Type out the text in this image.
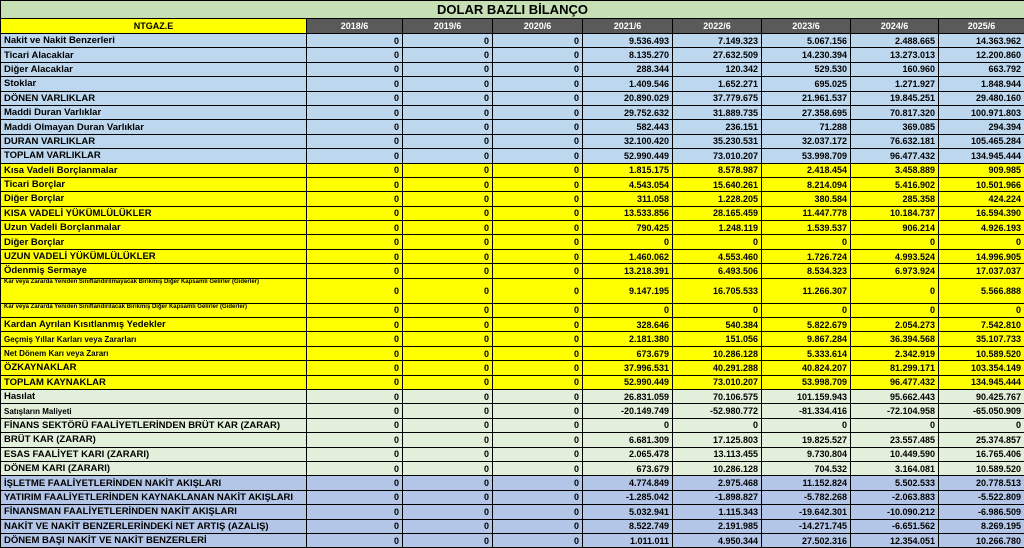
DOLAR BAZLI BİLANÇO								
NTGAZ.E	2018/6	2019/6	2020/6	2021/6	2022/6	2023/6	2024/6	2025/6
Nakit ve Nakit Benzerleri	0	0	0	9.536.493	7.149.323	5.067.156	2.488.665	14.363.962
Ticari Alacaklar	0	0	0	8.135.270	27.632.509	14.230.394	13.273.013	12.200.860
Diğer Alacaklar	0	0	0	288.344	120.342	529.530	160.960	663.792
Stoklar	0	0	0	1.409.546	1.652.271	695.025	1.271.927	1.848.944
DÖNEN VARLIKLAR	0	0	0	20.890.029	37.779.675	21.961.537	19.845.251	29.480.160
Maddi Duran Varlıklar	0	0	0	29.752.632	31.889.735	27.358.695	70.817.320	100.971.803
Maddi Olmayan Duran Varlıklar	0	0	0	582.443	236.151	71.288	369.085	294.394
DURAN VARLIKLAR	0	0	0	32.100.420	35.230.531	32.037.172	76.632.181	105.465.284
TOPLAM VARLIKLAR	0	0	0	52.990.449	73.010.207	53.998.709	96.477.432	134.945.444
Kısa Vadeli Borçlanmalar	0	0	0	1.815.175	8.578.987	2.418.454	3.458.889	909.985
Ticari Borçlar	0	0	0	4.543.054	15.640.261	8.214.094	5.416.902	10.501.966
Diğer Borçlar	0	0	0	311.058	1.228.205	380.584	285.358	424.224
KISA VADELİ YÜKÜMLÜLÜKLER	0	0	0	13.533.856	28.165.459	11.447.778	10.184.737	16.594.390
Uzun Vadeli Borçlanmalar	0	0	0	790.425	1.248.119	1.539.537	906.214	4.926.193
Diğer Borçlar	0	0	0	0	0	0	0	0
UZUN VADELİ YÜKÜMLÜLÜKLER	0	0	0	1.460.062	4.553.460	1.726.724	4.993.524	14.996.905
Ödenmiş Sermaye	0	0	0	13.218.391	6.493.506	8.534.323	6.973.924	17.037.037
Kar veya Zararda Yeniden Sınıflandırılmayacak Birikmiş Diğer Kapsamlı Gelirler (Giderler)	0	0	0	9.147.195	16.705.533	11.266.307	0	5.566.888
Kar veya Zararda Yeniden Sınıflandırılacak Birikmiş Diğer Kapsamlı Gelirler (Giderler)	0	0	0	0	0	0	0	0
Kardan Ayrılan Kısıtlanmış Yedekler	0	0	0	328.646	540.384	5.822.679	2.054.273	7.542.810
Geçmiş Yıllar Karları veya Zararları	0	0	0	2.181.380	151.056	9.867.284	36.394.568	35.107.733
Net Dönem Karı veya Zararı	0	0	0	673.679	10.286.128	5.333.614	2.342.919	10.589.520
ÖZKAYNAKLAR	0	0	0	37.996.531	40.291.288	40.824.207	81.299.171	103.354.149
TOPLAM KAYNAKLAR	0	0	0	52.990.449	73.010.207	53.998.709	96.477.432	134.945.444
Hasılat	0	0	0	26.831.059	70.106.575	101.159.943	95.662.443	90.425.767
Satışların Maliyeti	0	0	0	-20.149.749	-52.980.772	-81.334.416	-72.104.958	-65.050.909
FİNANS SEKTÖRÜ FAALİYETLERİNDEN BRÜT KAR (ZARAR)	0	0	0	0	0	0	0	0
BRÜT KAR (ZARAR)	0	0	0	6.681.309	17.125.803	19.825.527	23.557.485	25.374.857
ESAS FAALİYET KARI (ZARARI)	0	0	0	2.065.478	13.113.455	9.730.804	10.449.590	16.765.406
DÖNEM KARI (ZARARI)	0	0	0	673.679	10.286.128	704.532	3.164.081	10.589.520
İŞLETME FAALİYETLERİNDEN NAKİT AKIŞLARI	0	0	0	4.774.849	2.975.468	11.152.824	5.502.533	20.778.513
YATIRIM FAALİYETLERİNDEN KAYNAKLANAN NAKİT AKIŞLARI	0	0	0	-1.285.042	-1.898.827	-5.782.268	-2.063.883	-5.522.809
FİNANSMAN FAALİYETLERİNDEN NAKİT AKIŞLARI	0	0	0	5.032.941	1.115.343	-19.642.301	-10.090.212	-6.986.509
NAKİT VE NAKİT BENZERLERİNDEKİ NET ARTIŞ (AZALIŞ)	0	0	0	8.522.749	2.191.985	-14.271.745	-6.651.562	8.269.195
DÖNEM BAŞI NAKİT VE NAKİT BENZERLERİ	0	0	0	1.011.011	4.950.344	27.502.316	12.354.051	10.266.780
